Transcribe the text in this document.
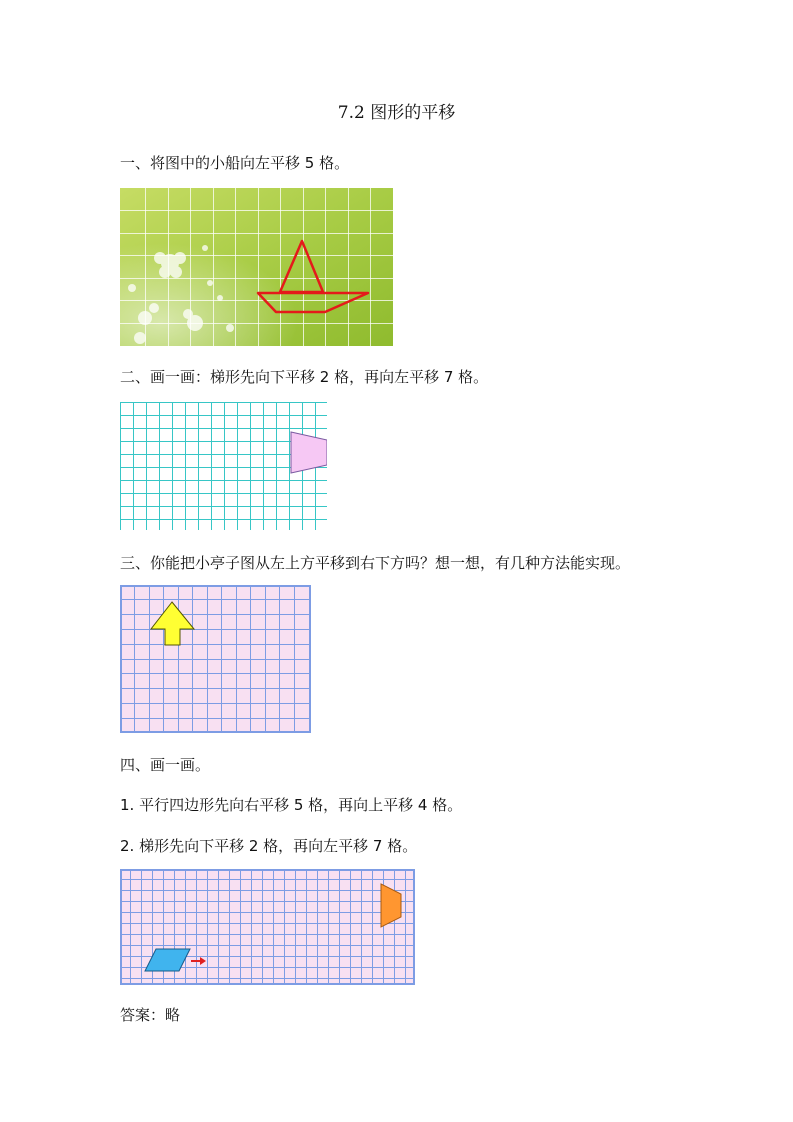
7.2 图形的平移
一、将图中的小船向左平移 5 格。
二、画一画：梯形先向下平移 2 格，再向左平移 7 格。
三、你能把小亭子图从左上方平移到右下方吗？想一想，有几种方法能实现。
四、画一画。
1. 平行四边形先向右平移 5 格，再向上平移 4 格。
2. 梯形先向下平移 2 格，再向左平移 7 格。
答案：略
